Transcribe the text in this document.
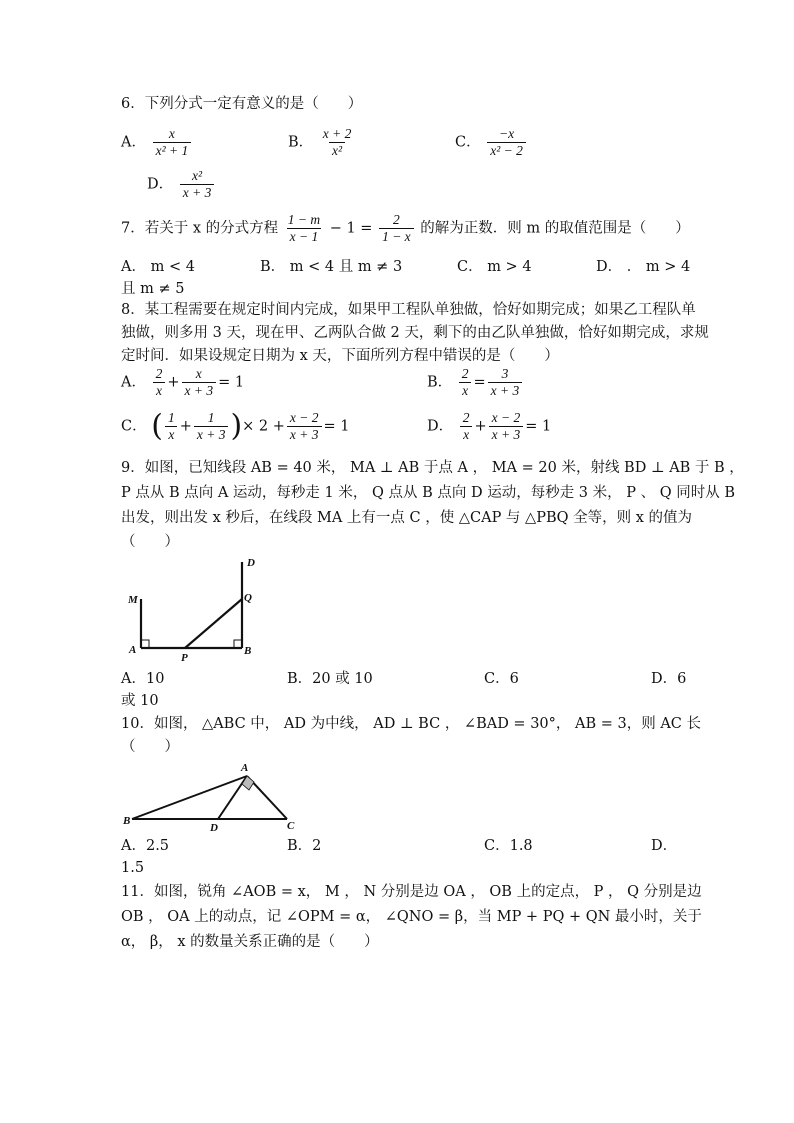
6．下列分式一定有意义的是（　　）
A． $\frac{x}{\text{x² + 1}}$	B． $\frac{x + 2}{\text{x²}}$	C． $\frac{-x}{\text{x² − 2}}$
D． $\frac{\text{x²}}{x + 3}$
7．若关于 x 的分式方程 $\frac{1 - m}{x - 1} - 1 = \frac{2}{1 - x}$ 的解为正数．则 m 的取值范围是（　　）
A． m < 4	B． m < 4 且 m ≠ 3	C． m > 4	D． ． m > 4
且 m ≠ 5
8．某工程需要在规定时间内完成，如果甲工程队单独做，恰好如期完成；如果乙工程队单
独做，则多用 3 天，现在甲、乙两队合做 2 天，剩下的由乙队单独做，恰好如期完成，求规
定时间．如果设规定日期为 x 天，下面所列方程中错误的是（　　）
A． $\frac{2}{x} + \frac{x}{x + 3} = 1$	B． $\frac{2}{x} = \frac{3}{x + 3}$
C． ( $\frac{1}{x} + \frac{1}{x + 3}$ )× $2 + \frac{x - 2}{x + 3} = 1$	D． $\frac{2}{x} + \frac{x - 2}{x + 3} = 1$
9．如图，已知线段 AB = 40 米， MA ⊥ AB 于点 A ， MA = 20 米，射线 BD ⊥ AB 于 B ，
P 点从 B 点向 A 运动，每秒走 1 米， Q 点从 B 点向 D 运动，每秒走 3 米， P 、 Q 同时从 B
出发，则出发 x 秒后，在线段 MA 上有一点 C ，使 △CAP 与 △PBQ 全等，则 x 的值为
（　　）
M
A
P
B
Q
D
A．10	B．20 或 10	C．6	D．6
或 10
10．如图， △ABC 中， AD 为中线， AD ⊥ BC ， ∠BAD = 30°， AB = 3，则 AC 长
（　　）
A
B
D	C
A．2.5	B．2	C．1.8	D．
1.5
11．如图，锐角 ∠AOB = x， M ， N 分别是边 OA ， OB 上的定点， P ， Q 分别是边
OB ， OA 上的动点，记 ∠OPM = α， ∠QNO = β，当 MP + PQ + QN 最小时，关于
α， β， x 的数量关系正确的是（　　）
